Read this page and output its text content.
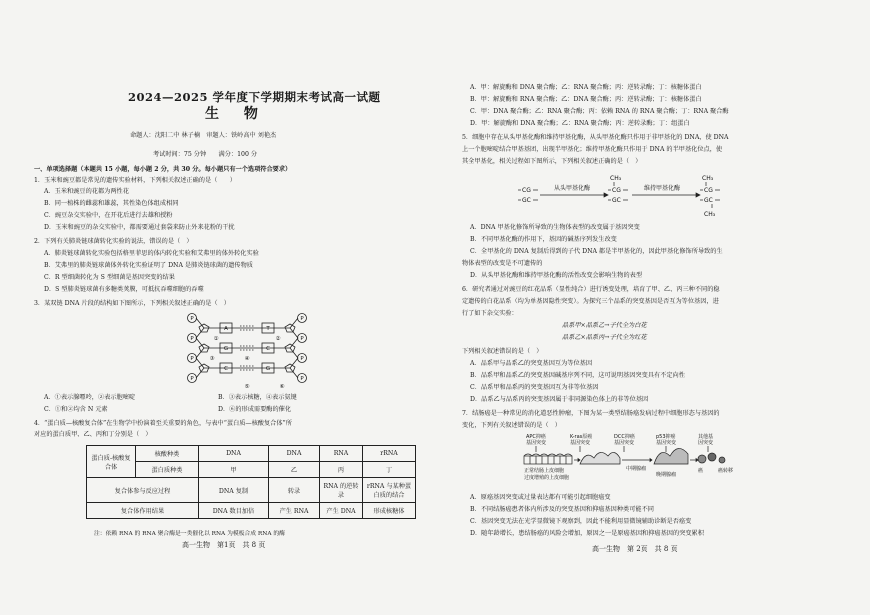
2024—2025 学年度下学期期末考试高一试题
生 物
命题人：沈阳二中 林子楠　审题人：铁岭高中 刘艳杰
考试时间：75 分钟　　满分：100 分
一、单项选择题（本题共 15 小题，每小题 2 分，共 30 分。每小题只有一个选项符合要求）
1．玉米和豌豆都是常见的遗传实验材料，下列相关叙述正确的是（　　）
A．玉米和豌豆的花都为两性花
B．同一植株的雌蕊和雄蕊，其性染色体组成相同
C．豌豆杂交实验中，在开花后进行去雄和授粉
D．玉米和豌豆的杂交实验中，都需要通过套袋来防止外来花粉的干扰
2．下列有关肺炎链球菌转化实验的说法，错误的是（　）
A．肺炎链球菌转化实验包括格里菲思的体内转化实验和艾弗里的体外转化实验
B．艾弗里的肺炎链球菌体外转化实验证明了 DNA 是肺炎链球菌的遗传物质
C．R 型细菌转化为 S 型细菌是基因突变的结果
D．S 型肺炎链球菌有多糖类荚膜，可抵抗吞噬细胞的吞噬
3．某双链 DNA 片段的结构如下图所示，下列相关叙述正确的是（　）
P	P
P	P
P	P
P	P
A	T
G	C
C	G
①	②
③	④
⑤	⑥
A．①表示腺嘌呤，②表示胞嘧啶	B．③表示核糖，④表示氨键
C．①和②均含 N 元素	D．⑥的形成需要酶的催化
4．“蛋白质—核酸复合体”在生物学中扮演着至关重要的角色，与表中“蛋白质—核酸复合体”所
对应的蛋白质甲、乙、丙和丁分别是（　）
蛋白质-核酸复合体	核酸种类	DNA	DNA	RNA	rRNA
	蛋白质种类	甲	乙	丙	丁
复合体参与反应过程		DNA 复制	转录	RNA 的逆转录	rRNA 与某种蛋白质的结合
复合体作用结果		DNA 数目加倍	产生 RNA	产生 DNA	形成核糖体
注：依赖 RNA 的 RNA 聚合酶是一类催化以 RNA 为模板合成 RNA 的酶
高一生物　第1页　共 8 页
A．甲：解旋酶和 DNA 聚合酶；乙：RNA 聚合酶；丙：逆转录酶；丁：核糖体蛋白
B．甲：解旋酶和 RNA 聚合酶；乙：DNA 聚合酶；丙：逆转录酶；丁：核糖体蛋白
C．甲：DNA 聚合酶；乙：RNA 聚合酶；丙：依赖 RNA 的 RNA 聚合酶；丁：RNA 聚合酶
D．甲：解旋酶和 DNA 聚合酶；乙：RNA 聚合酶；丙：逆转录酶；丁：组蛋白
5．细胞中存在从头甲基化酶和维持甲基化酶，从头甲基化酶只作用于非甲基化的 DNA，使 DNA
上一个胞嘧啶结合甲基基团，出现半甲基化；维持甲基化酶只作用于 DNA 的半甲基化位点，使
其全甲基化，相关过程如下图所示，下列相关叙述正确的是（　）
CG
GC
从头甲基化酶	CG
GC
CH₃
维持甲基化酶	CG
GC
CH₃
CH₃
A．DNA 甲基化修饰所导致的生物体表型的改变属于基因突变
B．不同甲基化酶的作用下，基因的碱基序列发生改变
C．全甲基化的 DNA 复制后得到的子代 DNA 都是半甲基化的，因此甲基化修饰所导致的生
物体表型的改变是不可遗传的
D．从头甲基化酶和维持甲基化酶的活性改变会影响生物的表型
6．研究者通过对豌豆的红花品系（显性纯合）进行诱变处理，培育了甲、乙、丙三种不同的稳
定遗传的白花品系（均为单基因隐性突变）。为探究三个品系的突变基因是否互为等位基因，进
行了如下杂交实验：
品系甲×品系乙→子代全为白花
品系乙×品系丙→子代全为红花
下列相关叙述错误的是（　）
A．品系甲与品系乙的突变基因互为等位基因
B．品系甲和品系乙的突变基因碱基序列不同，这可说明基因突变具有不定向性
C．品系甲和品系丙的突变基因互为非等位基因
D．品系乙与品系丙的突变基因属于非同源染色体上的非等位基因
7．结肠癌是一种常见的消化道恶性肿瘤，下图为某一类型结肠癌发病过程中细胞形态与基因的
变化，下列有关叙述错误的是（　）
APC抑癌
基因突变
K-ras原癌
基因突变
DCC抑癌
基因突变
p53抑癌
基因突变
其他基
因突变
正常结肠上皮细胞
过度增殖的上皮细胞
中期腺瘤
晚期腺瘤
癌	癌转移
A．原癌基因突变或过量表达都有可能引起细胞癌变
B．不同结肠癌患者体内所涉及的突变基因和抑癌基因种类可能不同
C．基因突变无法在光学显微镜下观察到，因此不能利用显微镜辅助诊断是否癌变
D．随年龄增长，患结肠癌的风险会增加，原因之一是原癌基因和抑癌基因的突变累积
高一生物　第 2页　共 8 页
